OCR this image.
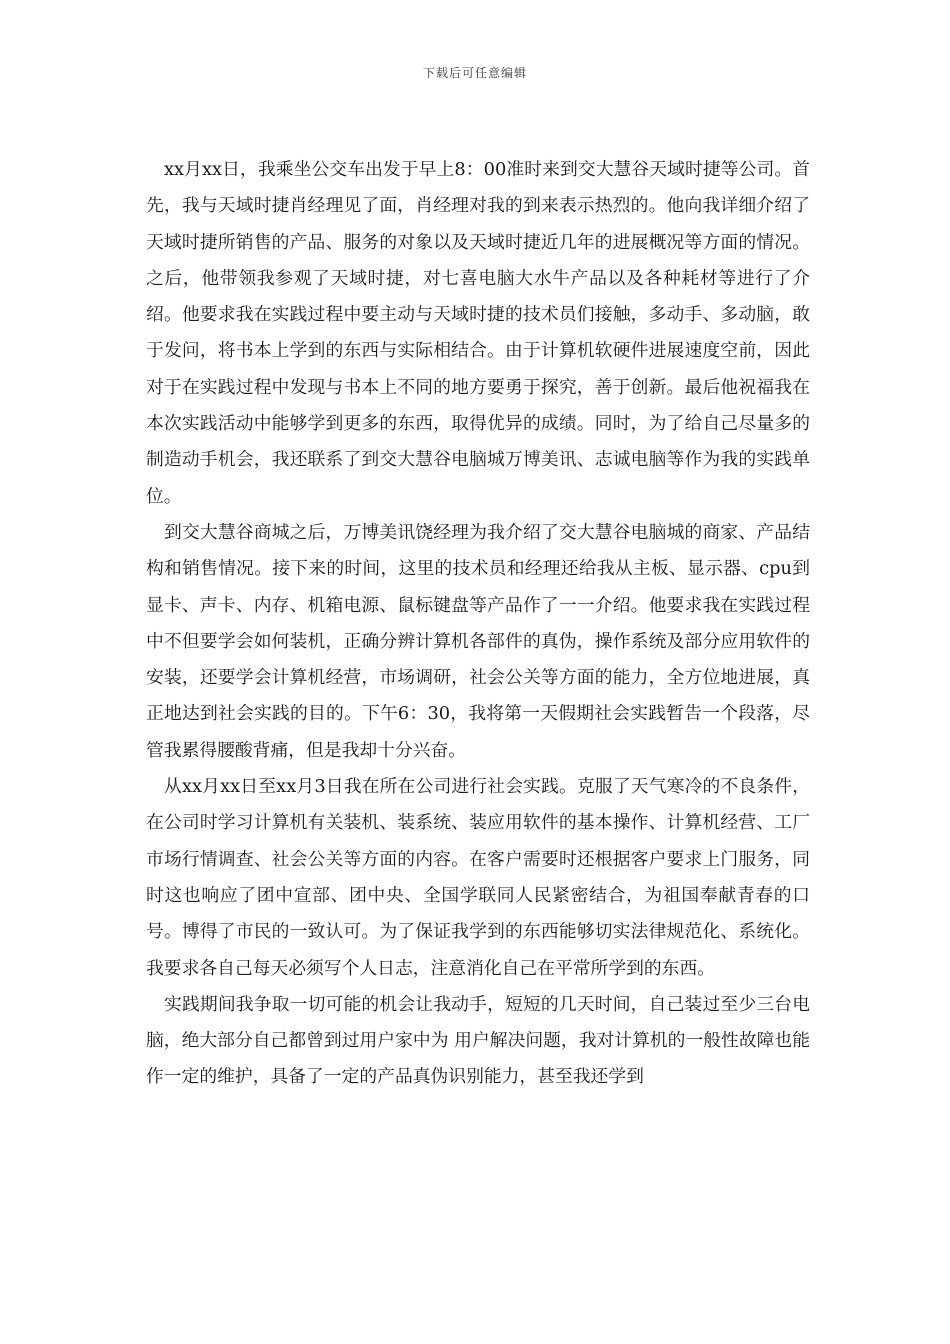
下载后可任意编辑

xx月xx日，我乘坐公交车出发于早上8：00准时来到交大慧谷天域时捷等公司。首先，我与天域时捷肖经理见了面，肖经理对我的到来表示热烈的。他向我详细介绍了天域时捷所销售的产品、服务的对象以及天域时捷近几年的进展概况等方面的情况。之后，他带领我参观了天域时捷，对七喜电脑大水牛产品以及各种耗材等进行了介绍。他要求我在实践过程中要主动与天域时捷的技术员们接触，多动手、多动脑，敢于发问，将书本上学到的东西与实际相结合。由于计算机软硬件进展速度空前，因此对于在实践过程中发现与书本上不同的地方要勇于探究，善于创新。最后他祝福我在本次实践活动中能够学到更多的东西，取得优异的成绩。同时，为了给自己尽量多的制造动手机会，我还联系了到交大慧谷电脑城万博美讯、志诚电脑等作为我的实践单位。

到交大慧谷商城之后，万博美讯饶经理为我介绍了交大慧谷电脑城的商家、产品结构和销售情况。接下来的时间，这里的技术员和经理还给我从主板、显示器、cpu到显卡、声卡、内存、机箱电源、鼠标键盘等产品作了一一介绍。他要求我在实践过程中不但要学会如何装机，正确分辨计算机各部件的真伪，操作系统及部分应用软件的安装，还要学会计算机经营，市场调研，社会公关等方面的能力，全方位地进展，真正地达到社会实践的目的。下午6：30，我将第一天假期社会实践暂告一个段落，尽管我累得腰酸背痛，但是我却十分兴奋。

从xx月xx日至xx月3日我在所在公司进行社会实践。克服了天气寒冷的不良条件，在公司时学习计算机有关装机、装系统、装应用软件的基本操作、计算机经营、工厂市场行情调查、社会公关等方面的内容。在客户需要时还根据客户要求上门服务，同时这也响应了团中宣部、团中央、全国学联同人民紧密结合，为祖国奉献青春的口号。博得了市民的一致认可。为了保证我学到的东西能够切实法律规范化、系统化。我要求各自己每天必须写个人日志，注意消化自己在平常所学到的东西。

实践期间我争取一切可能的机会让我动手，短短的几天时间，自己装过至少三台电脑，绝大部分自己都曾到过用户家中为 用户解决问题，我对计算机的一般性故障也能作一定的维护，具备了一定的产品真伪识别能力，甚至我还学到
